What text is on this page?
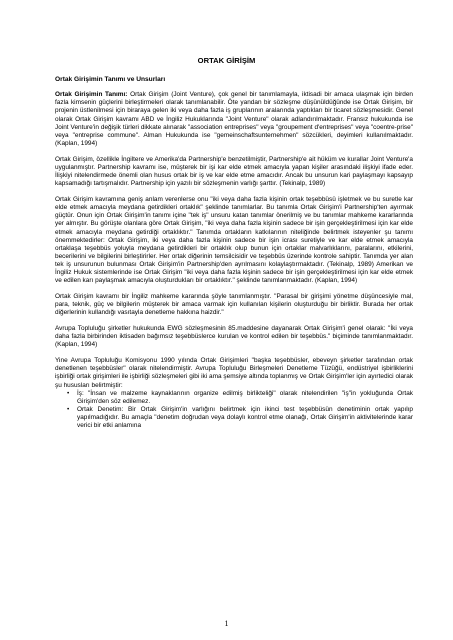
ORTAK GİRİŞİM
Ortak Girişimin Tanımı ve Unsurları

Ortak Girişimin Tanımı: Ortak Girişim (Joint Venture), çok genel bir tanımlamayla, iktisadi bir amaca ulaşmak için birden fazla kimsenin güçlerini birleştirmeleri olarak tanımlanabilir. Öte yandan bir sözleşme düşünüldüğünde ise Ortak Girişim, bir projenin üstlenilmesi için biraraya gelen iki veya daha fazla iş gruplarının aralarında yaptıkları bir ticaret sözleşmesidir. Genel olarak Ortak Girişim kavramı ABD ve İngiliz Hukuklarında "Joint Venture" olarak adlandırılmaktadır. Fransız hukukunda ise Joint Venture'in değişik türleri dikkate alınarak "association entreprises" veya "groupement d'entreprises" veya "coentre-prise" veya "entreprise commune". Alman Hukukunda ise "gemeinschaftsunternehmen" sözcükleri, deyimleri kullanılmaktadır. (Kaplan, 1994)

Ortak Girişim, özellikle İngiltere ve Amerika'da Partnership'e benzetilmiştir, Partnership'e ait hüküm ve kurallar Joint Venture'a uygulanmıştır. Partnership kavramı ise, müşterek bir işi kar elde etmek amacıyla yapan kişiler arasındaki ilişkiyi ifade eder. İlişkiyi nitelendirmede önemli olan husus ortak bir iş ve kar elde etme amacıdır. Ancak bu unsurun kari paylaşmayı kapsayıp kapsamadığı tartışmalıdır. Partnership için yazılı bir sözleşmenin varlığı şarttır. (Tekinalp, 1989)

Ortak Girişim kavramına geniş anlam verenlerse onu "iki veya daha fazla kişinin ortak teşebbüsü işletmek ve bu suretle kar elde etmek amacıyla meydana getirdikleri ortaklık" şeklinde tanımlarlar. Bu tanımla Ortak Girişim'i Partnership'ten ayırmak güçtür. Onun için Ortak Girişim'in tanımı içine "tek iş" unsuru katan tanımlar önerilmiş ve bu tanımlar mahkeme kararlarında yer almıştır. Bu görüşte olanlara göre Ortak Girişim, "iki veya daha fazla kişinin sadece bir işin gerçekleştirilmesi için kar elde etmek amacıyla meydana getirdiği ortaklıktır." Tanımda ortakların katkılarının niteliğinde belirtmek isteyenler şu tanımı önemmektedirler: Ortak Girişim, iki veya daha fazla kişinin sadece bir işin icrası suretiyle ve kar elde etmek amacıyla ortaklaşa teşebbüs yoluyla meydana getirdikleri bir ortaklık olup bunun için ortaklar malvarlıklarını, paralarını, etkilerini, becerilerini ve bilgilerini birleştirirler. Her ortak diğerinin temsilcisidir ve teşebbüs üzerinde kontrole sahiptir. Tanımda yer alan tek iş unsurunun bulunması Ortak Girişim'in Partnership'den ayrılmasını kolaylaştırmaktadır. (Tekinalp, 1989) Amerikan ve İngiliz Hukuk sistemlerinde ise Ortak Girişim "iki veya daha fazla kişinin sadece bir işin gerçekleştirilmesi için kar elde etmek ve edilen karı paylaşmak amacıyla oluşturdukları bir ortaklıktır." şeklinde tanımlanmaktadır. (Kaplan, 1994)

Ortak Girişim kavramı bir İngiliz mahkeme kararında şöyle tanımlanmıştır. "Parasal bir girişimi yönetme düşüncesiyle mal, para, teknik, güç ve bilgilerin müşterek bir amaca varmak için kullanılan kişilerin oluşturduğu bir birliktir. Burada her ortak diğerlerinin kullandığı vasıtayla denetleme hakkına haizdir."

Avrupa Topluluğu şirketler hukukunda EWG sözleşmesinin 85.maddesine dayanarak Ortak Girişim'i genel olarak: "İki veya daha fazla birbirinden iktisaden bağımsız teşebbüslerce kurulan ve kontrol edilen bir teşebbüs." biçiminde tanımlanmaktadır. (Kaplan, 1994)

Yine Avrupa Topluluğu Komisyonu 1990 yılında Ortak Girişimleri "başka teşebbüsler, ebeveyn şirketler tarafından ortak denetlenen teşebbüsler" olarak nitelendirmiştir. Avrupa Topluluğu Birleşmeleri Denetleme Tüzüğü, endüstriyel işbirliklerini işbirliği ortak girişimleri ile işbirliği sözleşmeleri gibi iki ama şemsiye altında toplanmış ve Ortak Girişim'ler için ayırtedici olarak şu hususları belirtmiştir:

• İş: "İnsan ve malzeme kaynaklarının organize edilmiş birlikteliği" olarak nitelendirilen "iş"in yokluğunda Ortak Girişim'den söz edilemez.
• Ortak Denetim: Bir Ortak Girişim'in varlığını belirtmek için ikinci test teşebbüsün denetiminin ortak yapılıp yapılmadığıdır. Bu amaçla "denetim doğrudan veya dolaylı kontrol etme olanağı, Ortak Girişim'in aktivitelerinde karar verici bir etki anlamına
1
